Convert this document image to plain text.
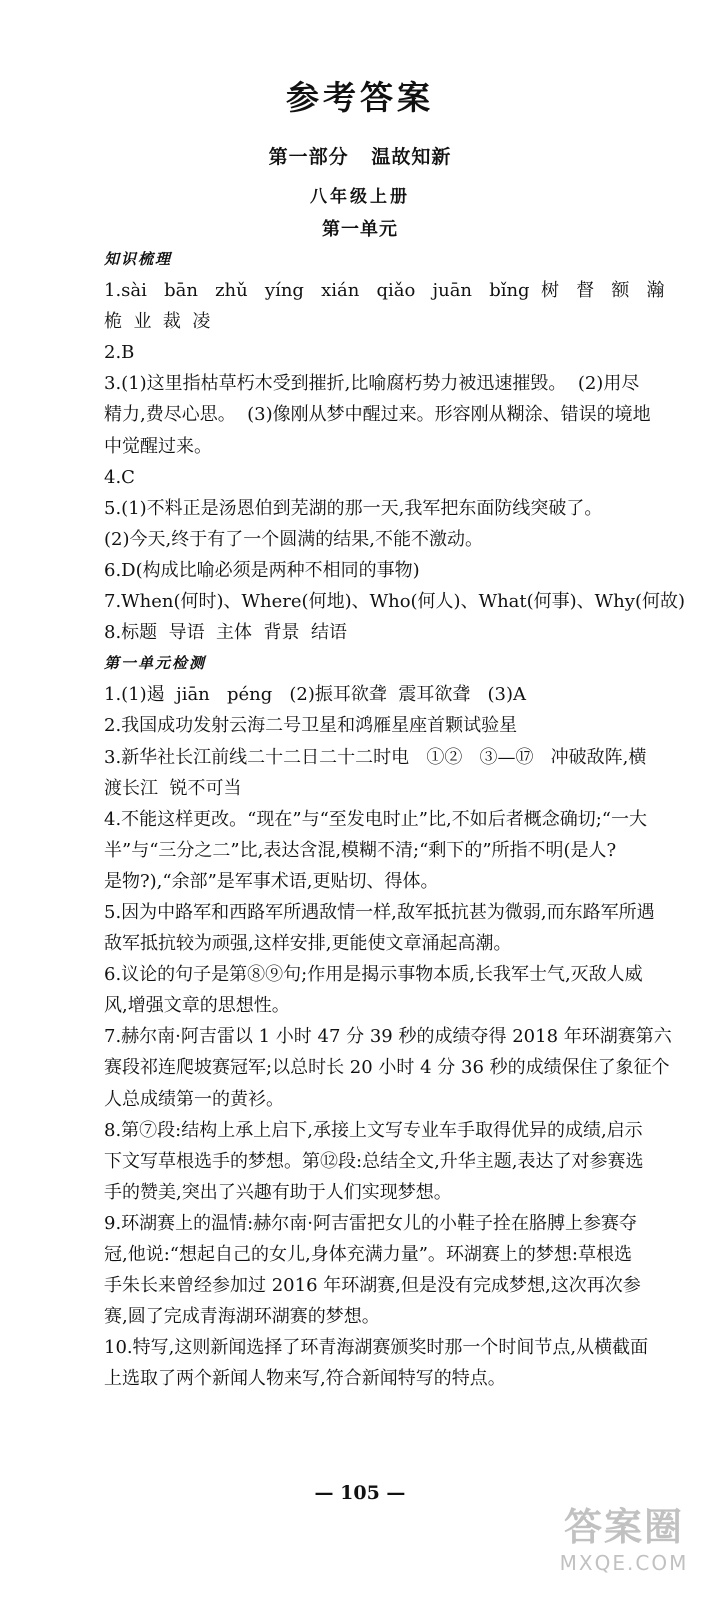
参考答案
第一部分   温故知新
八年级上册
第一单元
知识梳理
1.sài   bān   zhǔ   yíng   xián   qiǎo   juān   bǐng  树   督   额   瀚
桅  业  裁  凌
2.B
3.(1)这里指枯草朽木受到摧折,比喻腐朽势力被迅速摧毁。  (2)用尽
精力,费尽心思。  (3)像刚从梦中醒过来。形容刚从糊涂、错误的境地
中觉醒过来。
4.C
5.(1)不料正是汤恩伯到芜湖的那一天,我军把东面防线突破了。
(2)今天,终于有了一个圆满的结果,不能不激动。
6.D(构成比喻必须是两种不相同的事物)
7.When(何时)、Where(何地)、Who(何人)、What(何事)、Why(何故)
8.标题  导语  主体  背景  结语
第一单元检测
1.(1)遏  jiān   péng   (2)振耳欲聋  震耳欲聋   (3)A
2.我国成功发射云海二号卫星和鸿雁星座首颗试验星
3.新华社长江前线二十二日二十二时电   ①②   ③—⑰   冲破敌阵,横
渡长江  锐不可当
4.不能这样更改。“现在”与“至发电时止”比,不如后者概念确切;“一大
半”与“三分之二”比,表达含混,模糊不清;“剩下的”所指不明(是人?
是物?),“余部”是军事术语,更贴切、得体。
5.因为中路军和西路军所遇敌情一样,敌军抵抗甚为微弱,而东路军所遇
敌军抵抗较为顽强,这样安排,更能使文章涌起高潮。
6.议论的句子是第⑧⑨句;作用是揭示事物本质,长我军士气,灭敌人威
风,增强文章的思想性。
7.赫尔南·阿吉雷以 1 小时 47 分 39 秒的成绩夺得 2018 年环湖赛第六
赛段祁连爬坡赛冠军;以总时长 20 小时 4 分 36 秒的成绩保住了象征个
人总成绩第一的黄衫。
8.第⑦段:结构上承上启下,承接上文写专业车手取得优异的成绩,启示
下文写草根选手的梦想。第⑫段:总结全文,升华主题,表达了对参赛选
手的赞美,突出了兴趣有助于人们实现梦想。
9.环湖赛上的温情:赫尔南·阿吉雷把女儿的小鞋子拴在胳膊上参赛夺
冠,他说:“想起自己的女儿,身体充满力量”。环湖赛上的梦想:草根选
手朱长来曾经参加过 2016 年环湖赛,但是没有完成梦想,这次再次参
赛,圆了完成青海湖环湖赛的梦想。
10.特写,这则新闻选择了环青海湖赛颁奖时那一个时间节点,从横截面
上选取了两个新闻人物来写,符合新闻特写的特点。
— 105 —
答案圈
MXQE.COM
